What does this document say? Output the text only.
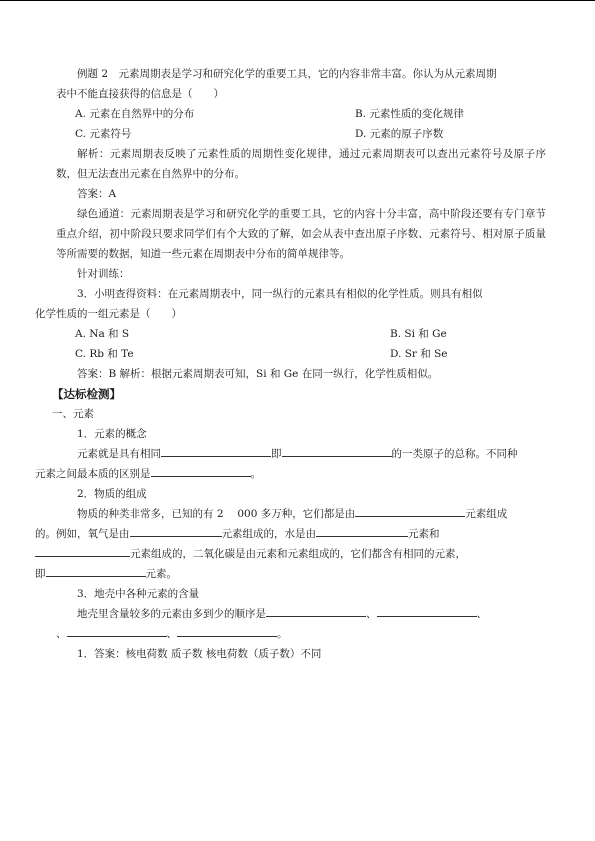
例题 2　元素周期表是学习和研究化学的重要工具，它的内容非常丰富。你认为从元素周期
表中不能直接获得的信息是（　　）

A. 元素在自然界中的分布	B. 元素性质的变化规律
C. 元素符号	D. 元素的原子序数

解析：元素周期表反映了元素性质的周期性变化规律，通过元素周期表可以查出元素符号及原子序数，但无法查出元素在自然界中的分布。

答案：A

绿色通道：元素周期表是学习和研究化学的重要工具，它的内容十分丰富，高中阶段还要有专门章节重点介绍，初中阶段只要求同学们有个大致的了解，如会从表中查出原子序数、元素符号、相对原子质量等所需要的数据，知道一些元素在周期表中分布的简单规律等。

针对训练：

3．小明查得资料：在元素周期表中，同一纵行的元素具有相似的化学性质。则具有相似
化学性质的一组元素是（　　）

A. Na 和 S	B. Si 和 Ge
C. Rb 和 Te	D. Sr 和 Se

答案：B 解析：根据元素周期表可知，Si 和 Ge 在同一纵行，化学性质相似。

【达标检测】

一、元素

1．元素的概念

元素就是具有相同	即	的一类原子的总称。不同种
元素之间最本质的区别是	。

2．物质的组成

物质的种类非常多，已知的有 2　 000 多万种，它们都是由	元素组成
的。例如，氧气是由	元素组成的，水是由	元素和
元素组成的，二氧化碳是由元素和元素组成的，它们都含有相同的元素，
即	元素。

3．地壳中各种元素的含量

地壳里含量较多的元素由多到少的顺序是	、	、
、	、	。

1．答案：核电荷数 质子数 核电荷数（质子数）不同
